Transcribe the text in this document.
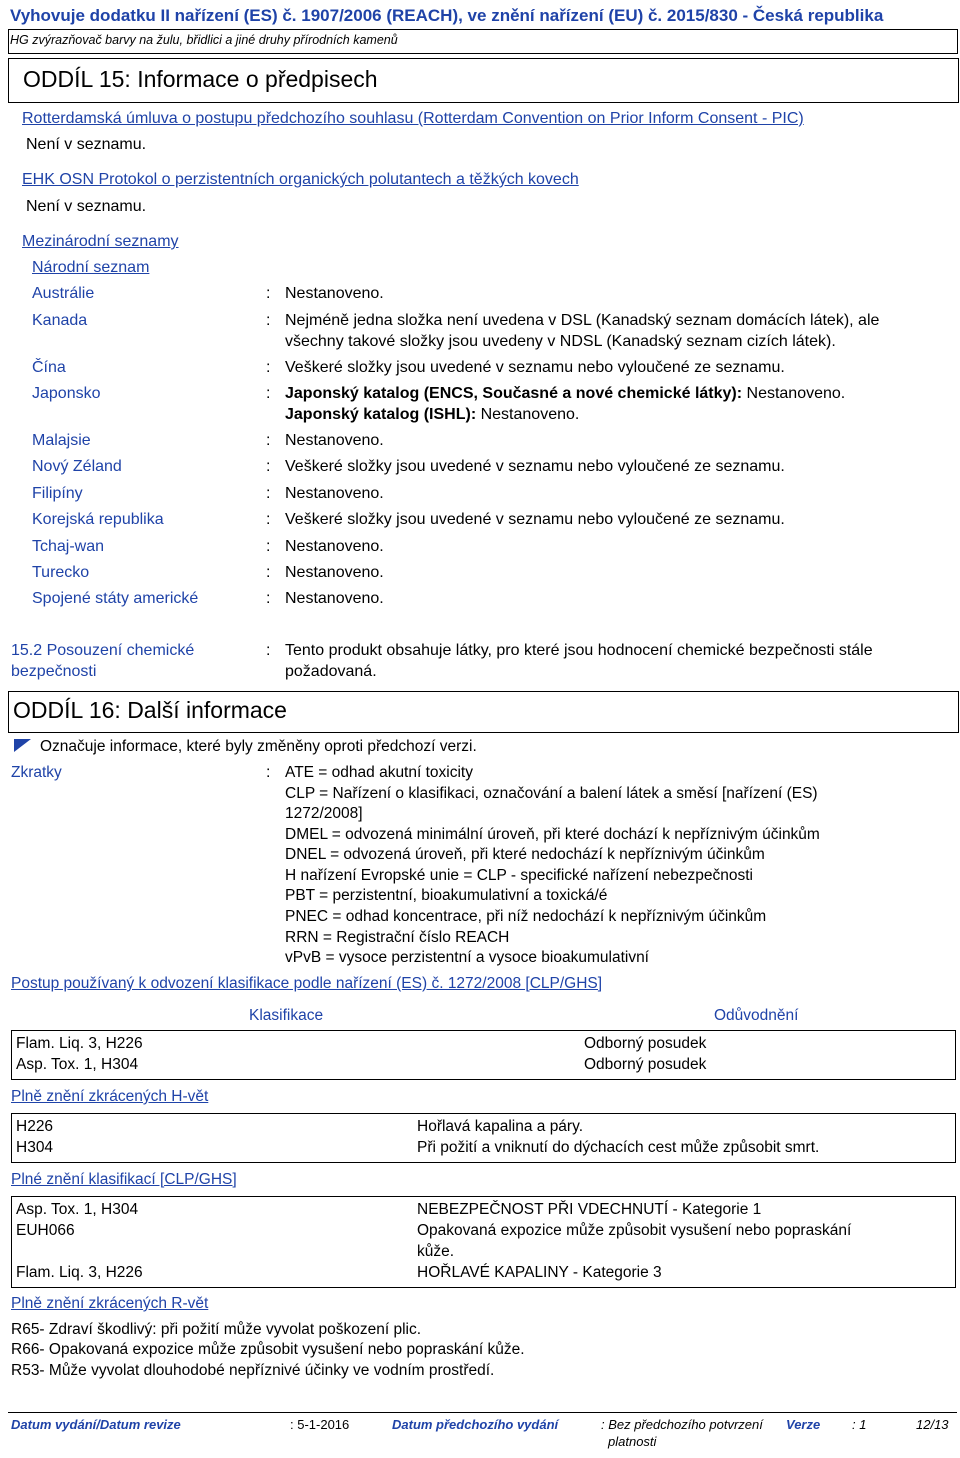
Vyhovuje dodatku II nařízení (ES) č. 1907/2006 (REACH), ve znění nařízení (EU) č. 2015/830 - Česká republika
HG zvýrazňovač barvy na žulu, břidlici a jiné druhy přírodních kamenů
ODDÍL 15: Informace o předpisech
Rotterdamská úmluva o postupu předchozího souhlasu (Rotterdam Convention on Prior Inform Consent - PIC)
Není v seznamu.
EHK OSN Protokol o perzistentních organických polutantech a těžkých kovech
Není v seznamu.
Mezinárodní seznamy
Národní seznam
Austrálie	: Nestanoveno.
Kanada	: Nejméně jedna složka není uvedena v DSL (Kanadský seznam domácích látek), ale
všechny takové složky jsou uvedeny v NDSL (Kanadský seznam cizích látek).
Čína	: Veškeré složky jsou uvedené v seznamu nebo vyloučené ze seznamu.
Japonsko	: Japonský katalog (ENCS, Současné a nové chemické látky): Nestanoveno.
Japonský katalog (ISHL): Nestanoveno.
Malajsie	: Nestanoveno.
Nový Zéland	: Veškeré složky jsou uvedené v seznamu nebo vyloučené ze seznamu.
Filipíny	: Nestanoveno.
Korejská republika	: Veškeré složky jsou uvedené v seznamu nebo vyloučené ze seznamu.
Tchaj-wan	: Nestanoveno.
Turecko	: Nestanoveno.
Spojené státy americké	: Nestanoveno.
15.2 Posouzení chemické
bezpečnosti
: Tento produkt obsahuje látky, pro které jsou hodnocení chemické bezpečnosti stále
požadovaná.
ODDÍL 16: Další informace
Označuje informace, které byly změněny oproti předchozí verzi.
Zkratky	: ATE = odhad akutní toxicity
CLP = Nařízení o klasifikaci, označování a balení látek a směsí [nařízení (ES)
1272/2008]
DMEL = odvozená minimální úroveň, při které dochází k nepříznivým účinkům
DNEL = odvozená úroveň, při které nedochází k nepříznivým účinkům
H nařízení Evropské unie = CLP - specifické nařízení nebezpečnosti
PBT = perzistentní, bioakumulativní a toxická/é
PNEC = odhad koncentrace, při níž nedochází k nepříznivým účinkům
RRN = Registrační číslo REACH
vPvB = vysoce perzistentní a vysoce bioakumulativní
Postup používaný k odvození klasifikace podle nařízení (ES) č. 1272/2008 [CLP/GHS]
Klasifikace	Odůvodnění
Flam. Liq. 3, H226	Odborný posudek
Asp. Tox. 1, H304	Odborný posudek
Plně znění zkrácených H-vět
H226	Hořlavá kapalina a páry.
H304	Při požití a vniknutí do dýchacích cest může způsobit smrt.
Plné znění klasifikací [CLP/GHS]
Asp. Tox. 1, H304	NEBEZPEČNOST PŘI VDECHNUTÍ - Kategorie 1
EUH066	Opakovaná expozice může způsobit vysušení nebo popraskání
kůže.
Flam. Liq. 3, H226	HOŘLAVÉ KAPALINY - Kategorie 3
Plně znění zkrácených R-vět
R65- Zdraví škodlivý: při požití může vyvolat poškození plic.
R66- Opakovaná expozice může způsobit vysušení nebo popraskání kůže.
R53- Může vyvolat dlouhodobé nepříznivé účinky ve vodním prostředí.
Datum vydání/Datum revize	: 5-1-2016	Datum předchozího vydání	: Bez předchozího potvrzení
platnosti
Verze : 1	12/13
